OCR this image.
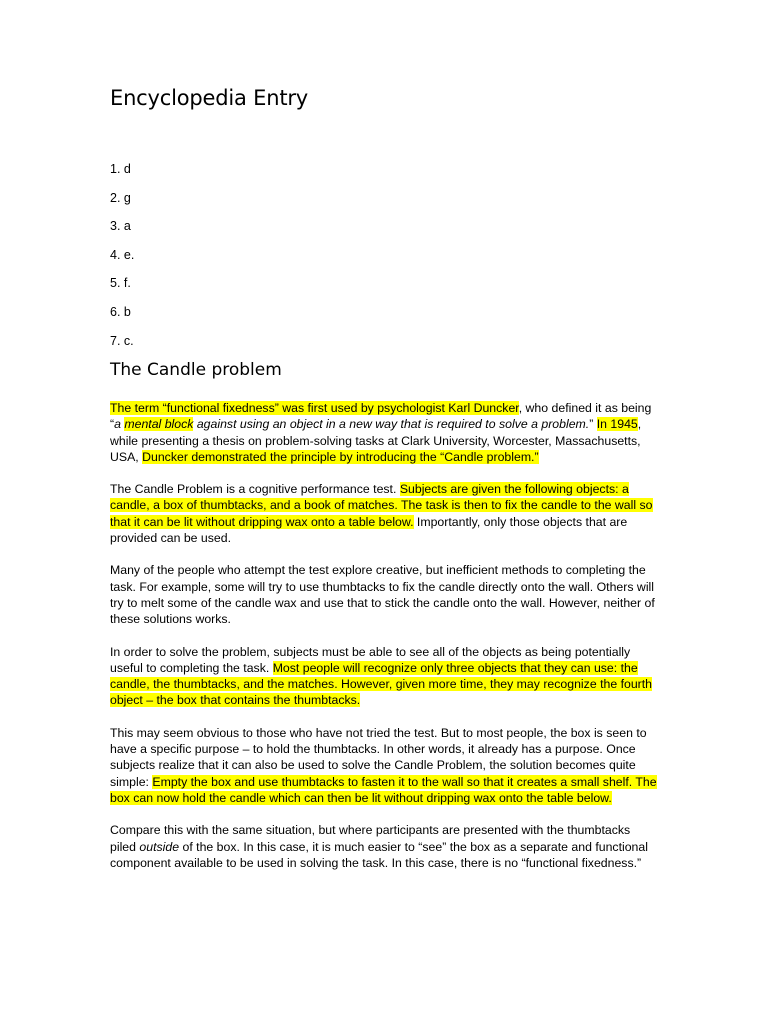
Encyclopedia Entry
1. d
2. g
3. a
4. e.
5. f.
6. b
7. c.
The Candle problem

The term “functional fixedness” was first used by psychologist Karl Duncker, who defined it as being “a mental block against using an object in a new way that is required to solve a problem.” In 1945, while presenting a thesis on problem-solving tasks at Clark University, Worcester, Massachusetts, USA, Duncker demonstrated the principle by introducing the “Candle problem.”

The Candle Problem is a cognitive performance test. Subjects are given the following objects: a candle, a box of thumbtacks, and a book of matches. The task is then to fix the candle to the wall so that it can be lit without dripping wax onto a table below. Importantly, only those objects that are provided can be used.

Many of the people who attempt the test explore creative, but inefficient methods to completing the task. For example, some will try to use thumbtacks to fix the candle directly onto the wall. Others will try to melt some of the candle wax and use that to stick the candle onto the wall. However, neither of these solutions works.

In order to solve the problem, subjects must be able to see all of the objects as being potentially useful to completing the task. Most people will recognize only three objects that they can use: the candle, the thumbtacks, and the matches. However, given more time, they may recognize the fourth object – the box that contains the thumbtacks.

This may seem obvious to those who have not tried the test. But to most people, the box is seen to have a specific purpose – to hold the thumbtacks. In other words, it already has a purpose. Once subjects realize that it can also be used to solve the Candle Problem, the solution becomes quite simple: Empty the box and use thumbtacks to fasten it to the wall so that it creates a small shelf. The box can now hold the candle which can then be lit without dripping wax onto the table below.

Compare this with the same situation, but where participants are presented with the thumbtacks piled outside of the box. In this case, it is much easier to “see” the box as a separate and functional component available to be used in solving the task. In this case, there is no “functional fixedness.”
